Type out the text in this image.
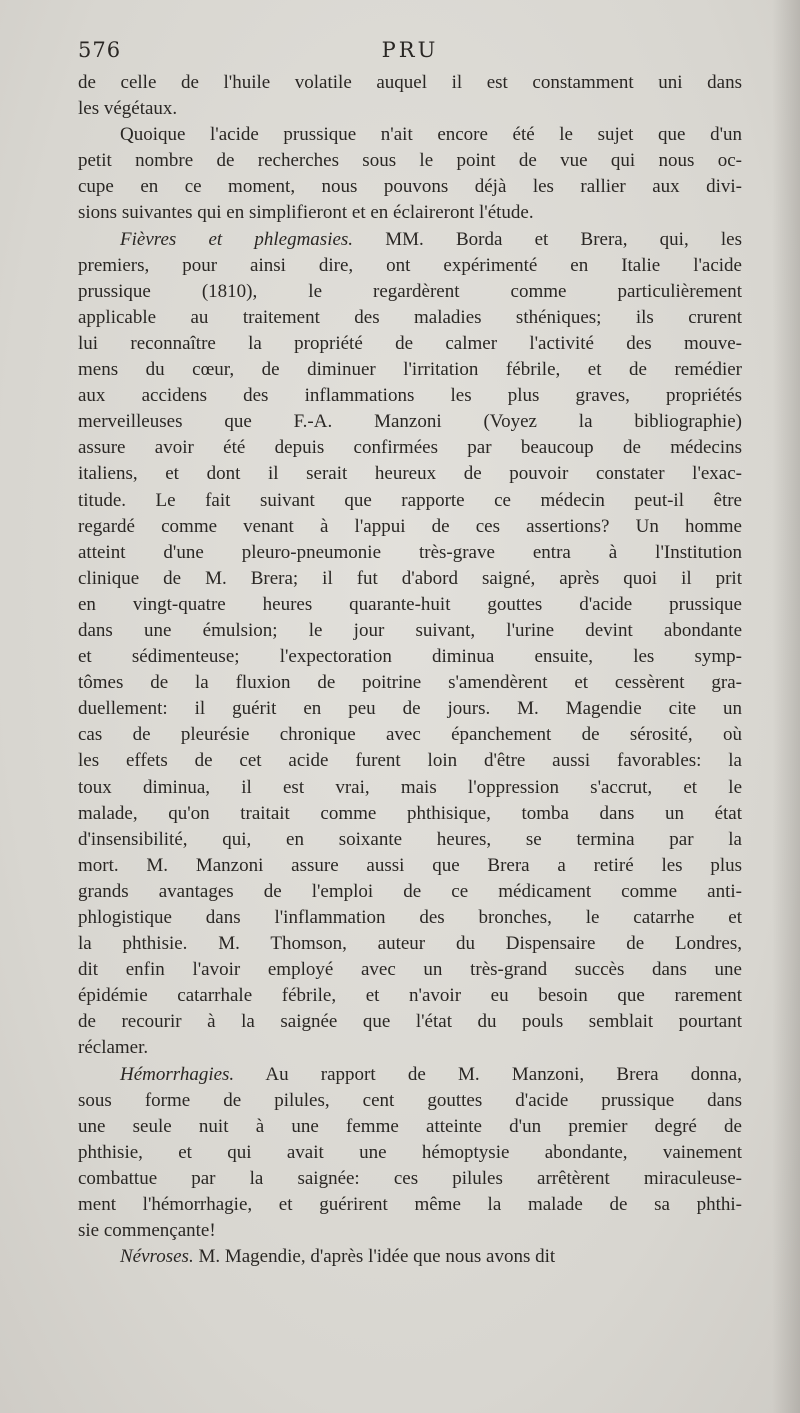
576	PRU
de celle de l'huile volatile auquel il est constamment uni dans
les végétaux.
Quoique l'acide prussique n'ait encore été le sujet que d'un
petit nombre de recherches sous le point de vue qui nous oc-
cupe en ce moment, nous pouvons déjà les rallier aux divi-
sions suivantes qui en simplifieront et en éclaireront l'étude.
Fièvres et phlegmasies. MM. Borda et Brera, qui, les
premiers, pour ainsi dire, ont expérimenté en Italie l'acide
prussique (1810), le regardèrent comme particulièrement
applicable au traitement des maladies sthéniques; ils crurent
lui reconnaître la propriété de calmer l'activité des mouve-
mens du cœur, de diminuer l'irritation fébrile, et de remédier
aux accidens des inflammations les plus graves, propriétés
merveilleuses que F.-A. Manzoni (Voyez la bibliographie)
assure avoir été depuis confirmées par beaucoup de médecins
italiens, et dont il serait heureux de pouvoir constater l'exac-
titude. Le fait suivant que rapporte ce médecin peut-il être
regardé comme venant à l'appui de ces assertions? Un homme
atteint d'une pleuro-pneumonie très-grave entra à l'Institution
clinique de M. Brera; il fut d'abord saigné, après quoi il prit
en vingt-quatre heures quarante-huit gouttes d'acide prussique
dans une émulsion; le jour suivant, l'urine devint abondante
et sédimenteuse; l'expectoration diminua ensuite, les symp-
tômes de la fluxion de poitrine s'amendèrent et cessèrent gra-
duellement: il guérit en peu de jours. M. Magendie cite un
cas de pleurésie chronique avec épanchement de sérosité, où
les effets de cet acide furent loin d'être aussi favorables: la
toux diminua, il est vrai, mais l'oppression s'accrut, et le
malade, qu'on traitait comme phthisique, tomba dans un état
d'insensibilité, qui, en soixante heures, se termina par la
mort. M. Manzoni assure aussi que Brera a retiré les plus
grands avantages de l'emploi de ce médicament comme anti-
phlogistique dans l'inflammation des bronches, le catarrhe et
la phthisie. M. Thomson, auteur du Dispensaire de Londres,
dit enfin l'avoir employé avec un très-grand succès dans une
épidémie catarrhale fébrile, et n'avoir eu besoin que rarement
de recourir à la saignée que l'état du pouls semblait pourtant
réclamer.
Hémorrhagies. Au rapport de M. Manzoni, Brera donna,
sous forme de pilules, cent gouttes d'acide prussique dans
une seule nuit à une femme atteinte d'un premier degré de
phthisie, et qui avait une hémoptysie abondante, vainement
combattue par la saignée: ces pilules arrêtèrent miraculeuse-
ment l'hémorrhagie, et guérirent même la malade de sa phthi-
sie commençante!
Névroses. M. Magendie, d'après l'idée que nous avons dit
